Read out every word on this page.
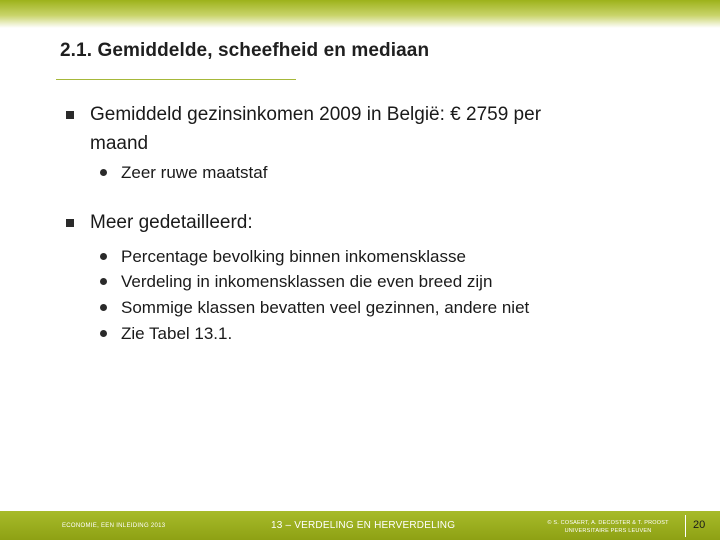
2.1. Gemiddelde, scheefheid en mediaan
Gemiddeld gezinsinkomen 2009 in België: € 2759 per
maand
Zeer ruwe maatstaf
Meer gedetailleerd:
Percentage bevolking binnen inkomensklasse
Verdeling in inkomensklassen die even breed zijn
Sommige klassen bevatten veel gezinnen, andere niet
Zie Tabel 13.1.
ECONOMIE, EEN INLEIDING 2013	13 – VERDELING EN HERVERDELING	© S. COSAERT, A. DECOSTER & T. PROOST
UNIVERSITAIRE PERS LEUVEN	20
